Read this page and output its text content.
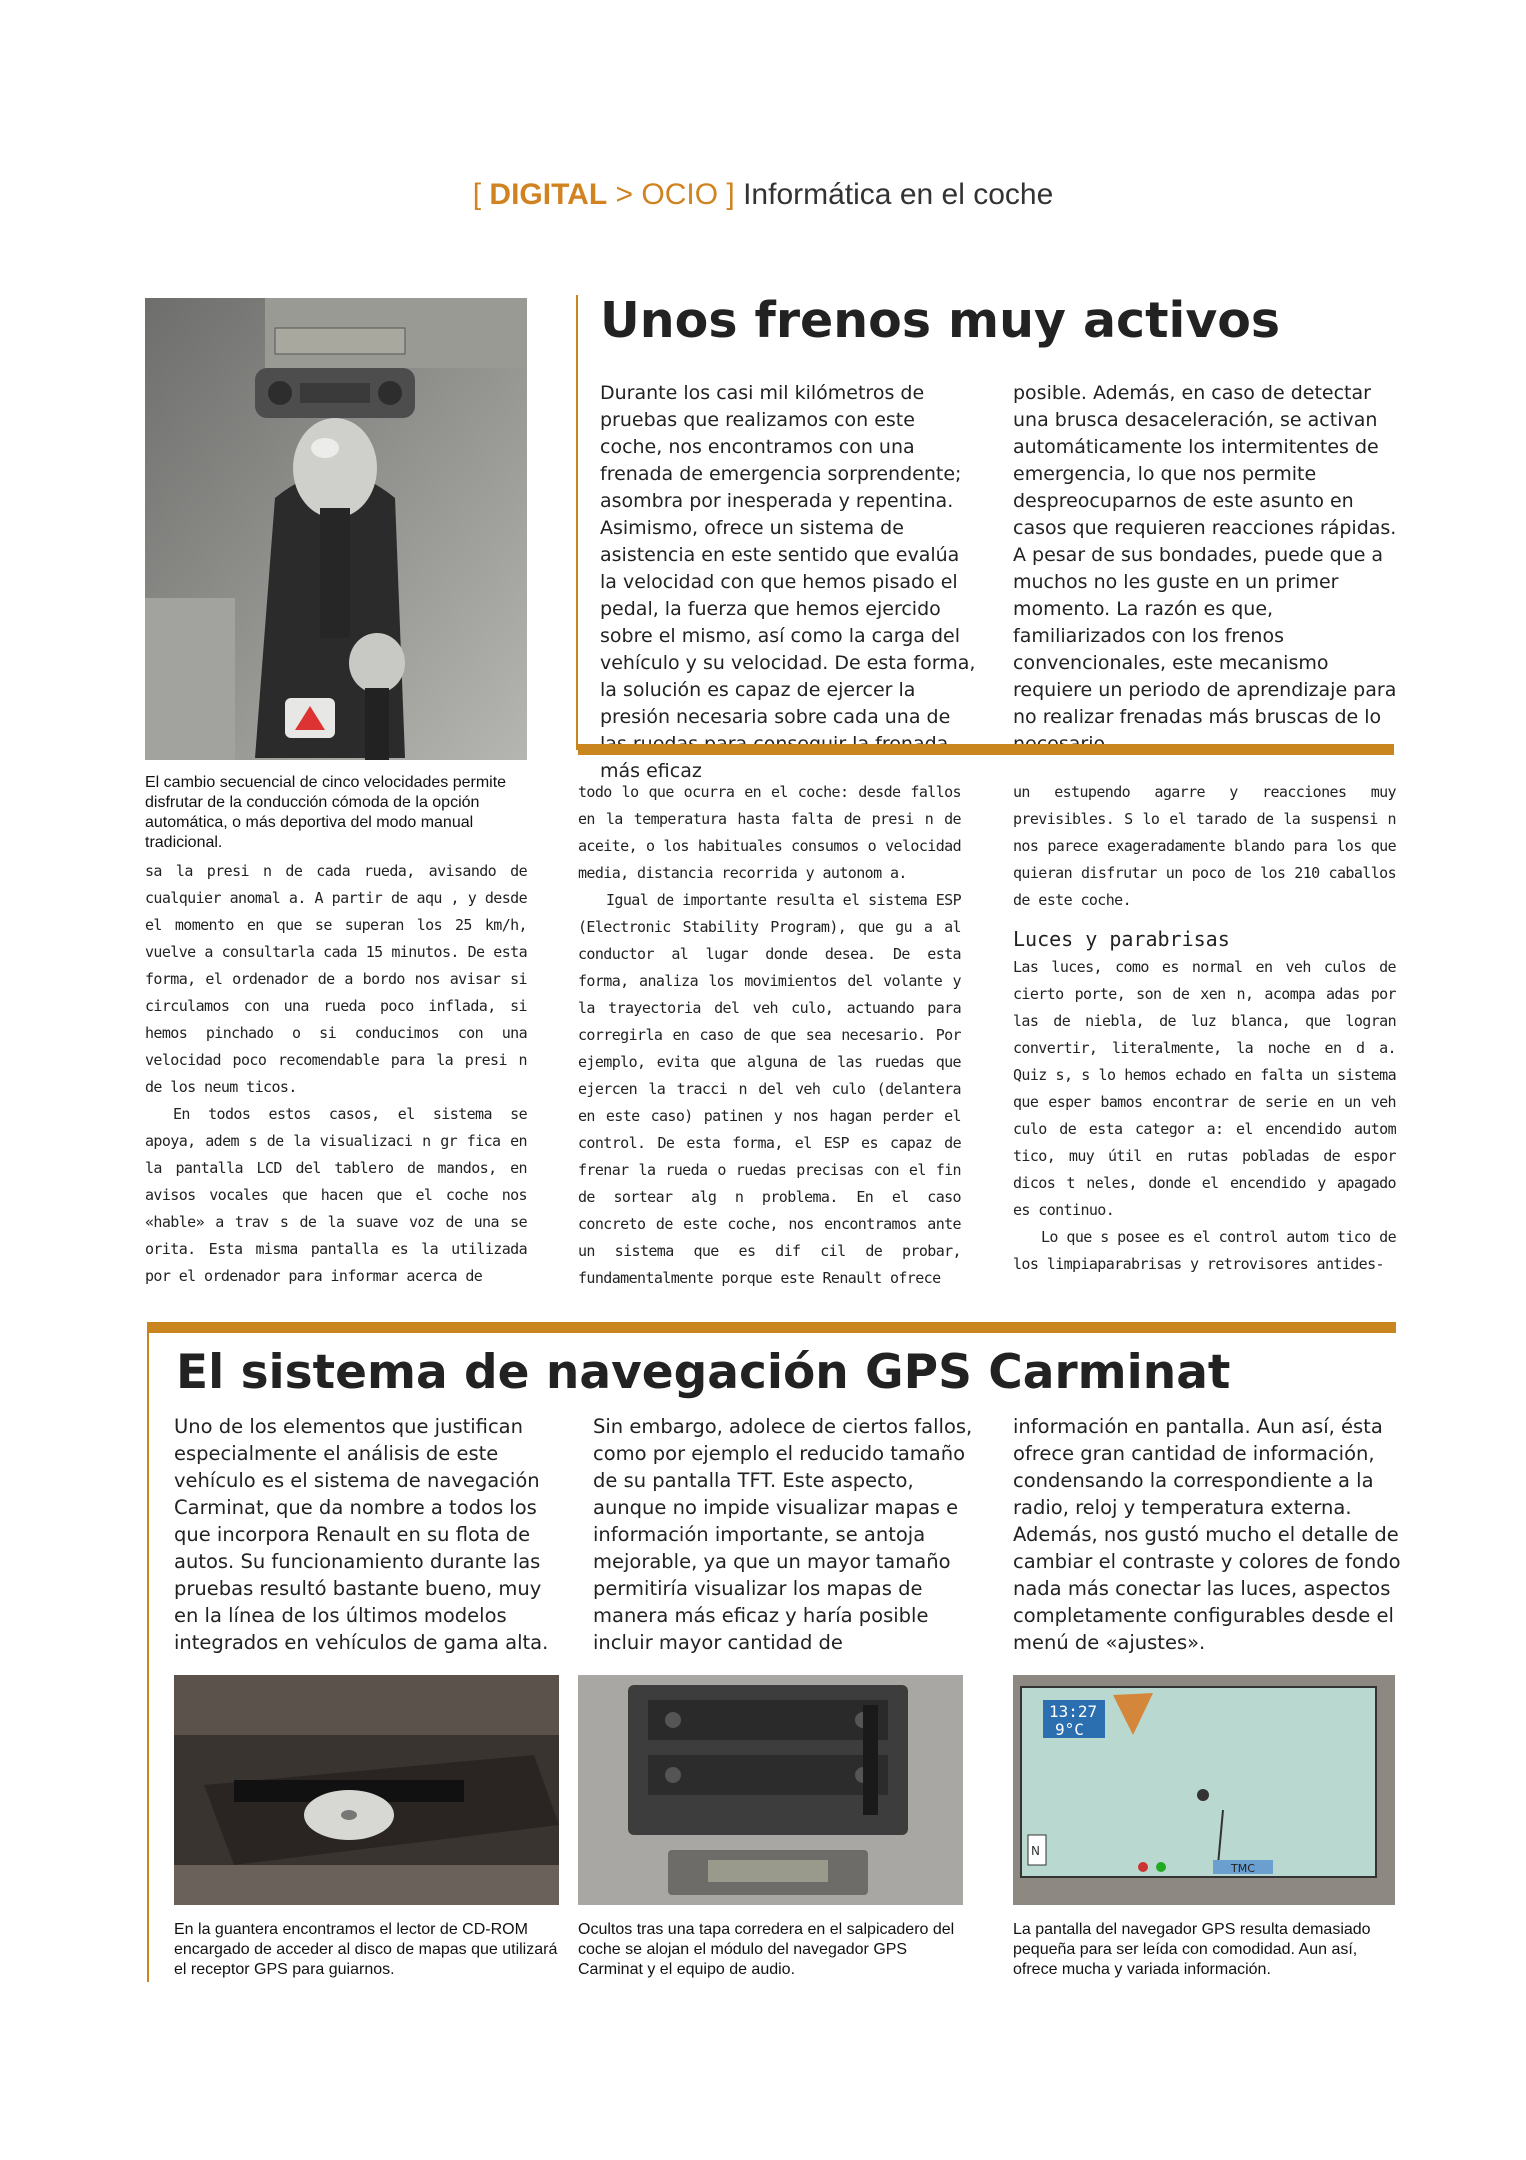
[ DIGITAL > OCIO ] Informática en el coche
El cambio secuencial de cinco velocidades permite disfrutar de la conducción cómoda de la opción automática, o más deportiva del modo manual tradicional.
Unos frenos muy activos

Durante los casi mil kilómetros de pruebas que realizamos con este coche, nos encontramos con una frenada de emergencia sorprendente; asombra por inesperada y repentina. Asimismo, ofrece un sistema de asistencia en este sentido que evalúa la velocidad con que hemos pisado el pedal, la fuerza que hemos ejercido sobre el mismo, así como la carga del vehículo y su velocidad. De esta forma, la solución es capaz de ejercer la presión necesaria sobre cada una de más eficaz

posible. Además, en caso de detectar una brusca desaceleración, se activan automáticamente los intermitentes de emergencia, lo que nos permite despreocuparnos de este asunto en casos que requieren reacciones rápidas.

A pesar de sus bondades, puede que a muchos no les guste en un primer momento. La razón es que, familiarizados con los frenos convencionales, este mecanismo requiere un periodo de aprendizaje para no realizar frenadas más bruscas de lo

sa la presi n de cada rueda, avisando de cualquier anomal a. A partir de aqu , y desde el momento en que se superan los 25 km/h, vuelve a consultarla cada 15 minutos. De esta forma, el ordenador de a bordo nos avisar si circulamos con una rueda poco inflada, si hemos pinchado o si conducimos con una velocidad poco recomendable para la presi n de los neum ticos.

En todos estos casos, el sistema se apoya, adem s de la visualizaci n gr fica en la pantalla LCD del tablero de mandos, en avisos vocales que hacen que el coche nos «hable» a trav s de la suave voz de una se orita. Esta misma pantalla es la utilizada por el ordenador para informar acerca de

todo lo que ocurra en el coche: desde fallos en la temperatura hasta falta de presi n de aceite, o los habituales consumos o velocidad media, distancia recorrida y autonom a.

Igual de importante resulta el sistema ESP (Electronic Stability Program), que gu a al conductor al lugar donde desea. De esta forma, analiza los movimientos del volante y la trayectoria del veh culo, actuando para corregirla en caso de que sea necesario. Por ejemplo, evita que alguna de las ruedas que ejercen la tracci n del veh culo (delantera en este caso) patinen y nos hagan perder el control. De esta forma, el ESP es capaz de frenar la rueda o ruedas precisas con el fin de sortear alg n problema. En el caso concreto de este coche, nos encontramos ante un sistema que es dif cil de probar, fundamentalmente porque este Renault ofrece

un estupendo agarre y reacciones muy previsibles. S lo el tarado de la suspensi n nos parece exageradamente blando para los que quieran disfrutar un poco de los 210 caballos de este coche.

Luces y parabrisas

Las luces, como es normal en veh culos de cierto porte, son de xen n, acompa adas por las de niebla, de luz blanca, que logran convertir, literalmente, la noche en d a. Quiz s, s lo hemos echado en falta un sistema que esper bamos encontrar de serie en un veh culo de esta categor a: el encendido autom tico, muy útil en rutas pobladas de espor dicos t neles, donde el encendido y apagado es continuo.

Lo que s posee es el control autom tico de los limpiaparabrisas y retrovisores antides-

El sistema de navegación GPS Carminat

Uno de los elementos que justifican especialmente el análisis de este vehículo es el sistema de navegación Carminat, que da nombre a todos los que incorpora Renault en su flota de autos. Su funcionamiento durante las pruebas resultó bastante bueno, muy en la línea de los últimos modelos integrados en vehículos de gama alta.

Sin embargo, adolece de ciertos fallos, como por ejemplo el reducido tamaño de su pantalla TFT. Este aspecto, aunque no impide visualizar mapas e información importante, se antoja mejorable, ya que un mayor tamaño permitiría visualizar los mapas de manera más eficaz y haría posible incluir mayor cantidad de

información en pantalla. Aun así, ésta ofrece gran cantidad de información, condensando la correspondiente a la radio, reloj y temperatura externa. Además, nos gustó mucho el detalle de cambiar el contraste y colores de fondo nada más conectar las luces, aspectos completamente configurables desde el menú de «ajustes».

En la guantera encontramos el lector de CD-ROM encargado de acceder al disco de mapas que utilizará el receptor GPS para guiarnos.
Ocultos tras una tapa corredera en el salpicadero del coche se alojan el módulo del navegador GPS Carminat y el equipo de audio.
13:27
9°C
N
TMC
La pantalla del navegador GPS resulta demasiado pequeña para ser leída con comodidad. Aun así, ofrece mucha y variada información.
